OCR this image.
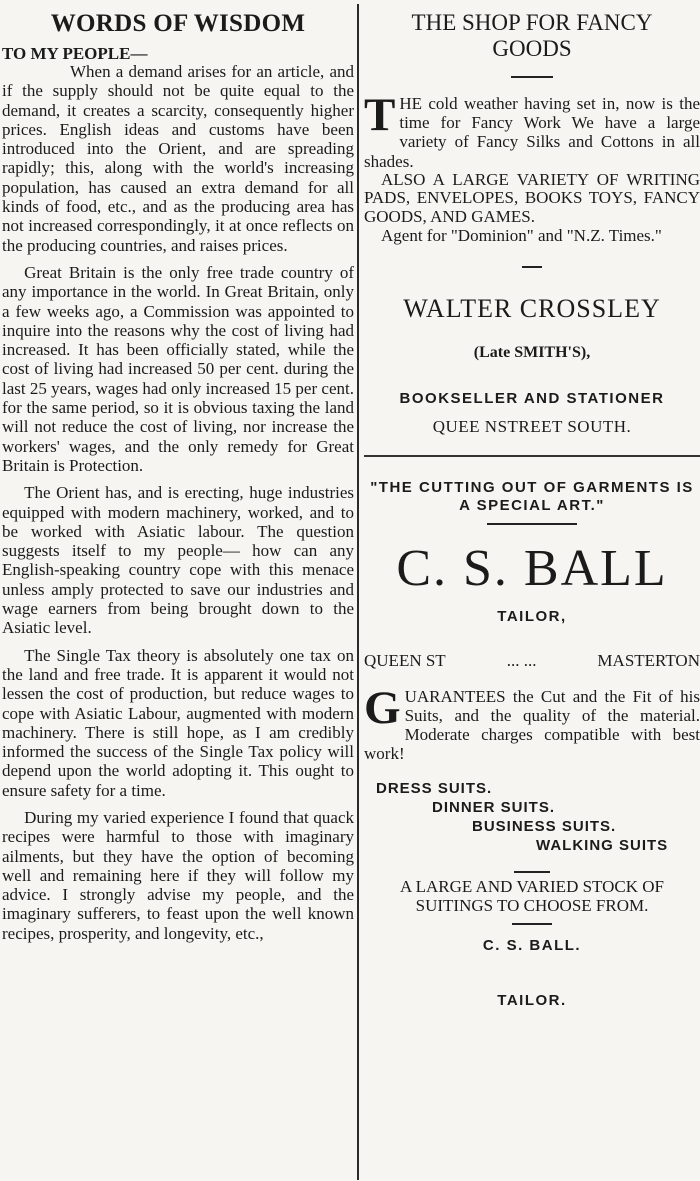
WORDS OF WISDOM
TO MY PEOPLE—

When a demand arises for an article, and if the supply should not be quite equal to the demand, it creates a scarcity, consequently higher prices. English ideas and customs have been introduced into the Orient, and are spreading rapidly; this, along with the world's increasing population, has caused an extra demand for all kinds of food, etc., and as the producing area has not increased correspondingly, it at once reflects on the producing countries, and raises prices.

Great Britain is the only free trade country of any importance in the world. In Great Britain, only a few weeks ago, a Commission was appointed to inquire into the reasons why the cost of living had increased. It has been officially stated, while the cost of living had increased 50 per cent. during the last 25 years, wages had only increased 15 per cent. for the same period, so it is obvious taxing the land will not reduce the cost of living, nor increase the workers' wages, and the only remedy for Great Britain is Protection.

The Orient has, and is erecting, huge industries equipped with modern machinery, worked, and to be worked with Asiatic labour. The question suggests itself to my people— how can any English-speaking country cope with this menace unless amply protected to save our industries and wage earners from being brought down to the Asiatic level.

The Single Tax theory is absolutely one tax on the land and free trade. It is apparent it would not lessen the cost of production, but reduce wages to cope with Asiatic Labour, augmented with modern machinery. There is still hope, as I am credibly informed the success of the Single Tax policy will depend upon the world adopting it. This ought to ensure safety for a time.

During my varied experience I found that quack recipes were harmful to those with imaginary ailments, but they have the option of becoming well and remaining here if they will follow my advice. I strongly advise my people, and the imaginary sufferers, to feast upon the well known recipes, prosperity, and longevity, etc.,

THE SHOP FOR FANCY
GOODS
T HE cold weather having set in, now is the time for Fancy Work We have a large variety of Fancy Silks and Cottons in all shades.

ALSO A LARGE VARIETY OF WRITING PADS, ENVELOPES, BOOKS TOYS, FANCY GOODS, AND GAMES.

Agent for "Dominion" and "N.Z. Times."

WALTER CROSSLEY
(Late SMITH'S),
BOOKSELLER AND STATIONER
QUEE NSTREET SOUTH.
"THE CUTTING OUT OF GARMENTS IS A SPECIAL ART."
C. S. BALL
TAILOR,
QUEEN ST	... ...	MASTERTON
G UARANTEES the Cut and the Fit of his Suits, and the quality of the material. Moderate charges compatible with best work!

DRESS SUITS.
DINNER SUITS.
BUSINESS SUITS.
WALKING SUITS
A LARGE AND VARIED STOCK OF SUITINGS TO CHOOSE FROM.
C. S. BALL.
TAILOR.
